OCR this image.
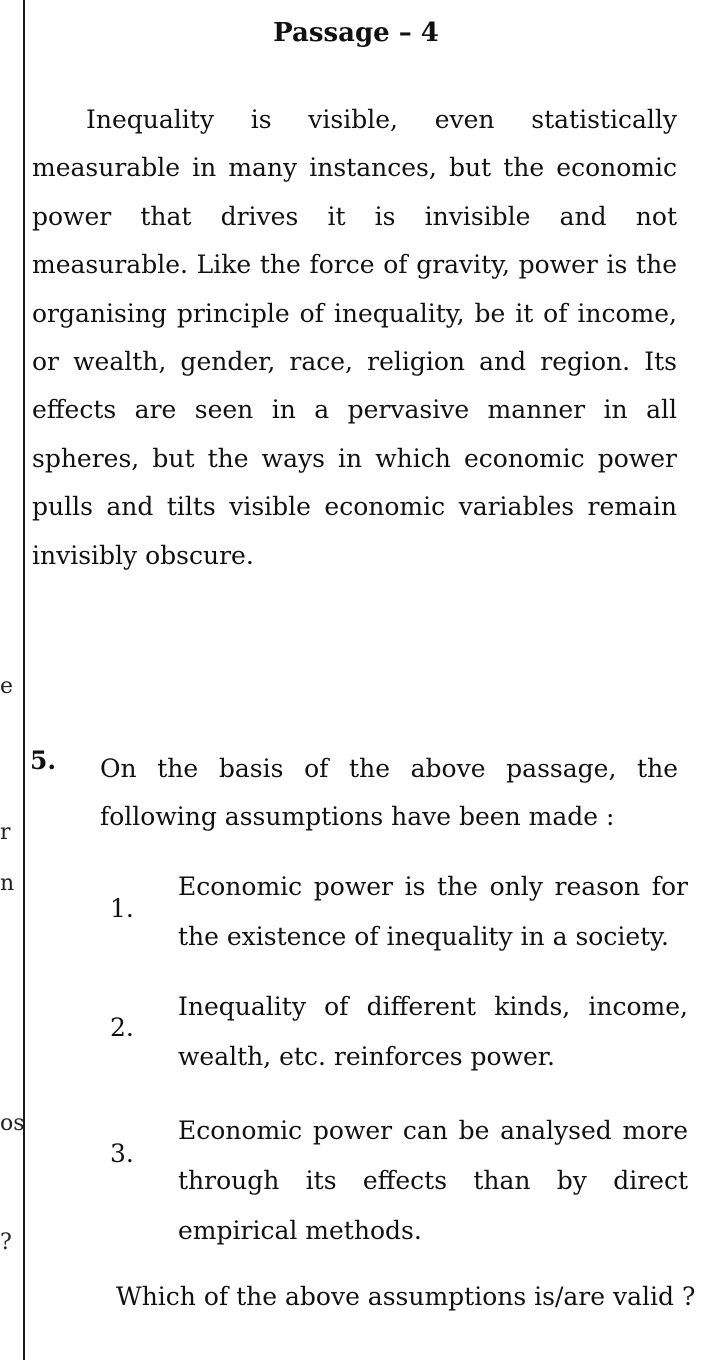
e
r
n
os
?
Passage – 4

Inequality is visible, even statistically measurable in many instances, but the economic power that drives it is invisible and not measurable. Like the force of gravity, power is the organising principle of inequality, be it of income, or wealth, gender, race, religion and region. Its effects are seen in a pervasive manner in all spheres, but the ways in which economic power pulls and tilts visible economic variables remain invisibly obscure.

5. On the basis of the above passage, the following assumptions have been made :

1.

Economic power is the only reason for the existence of inequality in a society.

2.

Inequality of different kinds, income, wealth, etc. reinforces power.

3.

Economic power can be analysed more through its effects than by direct empirical methods.

Which of the above assumptions is/are valid ?
